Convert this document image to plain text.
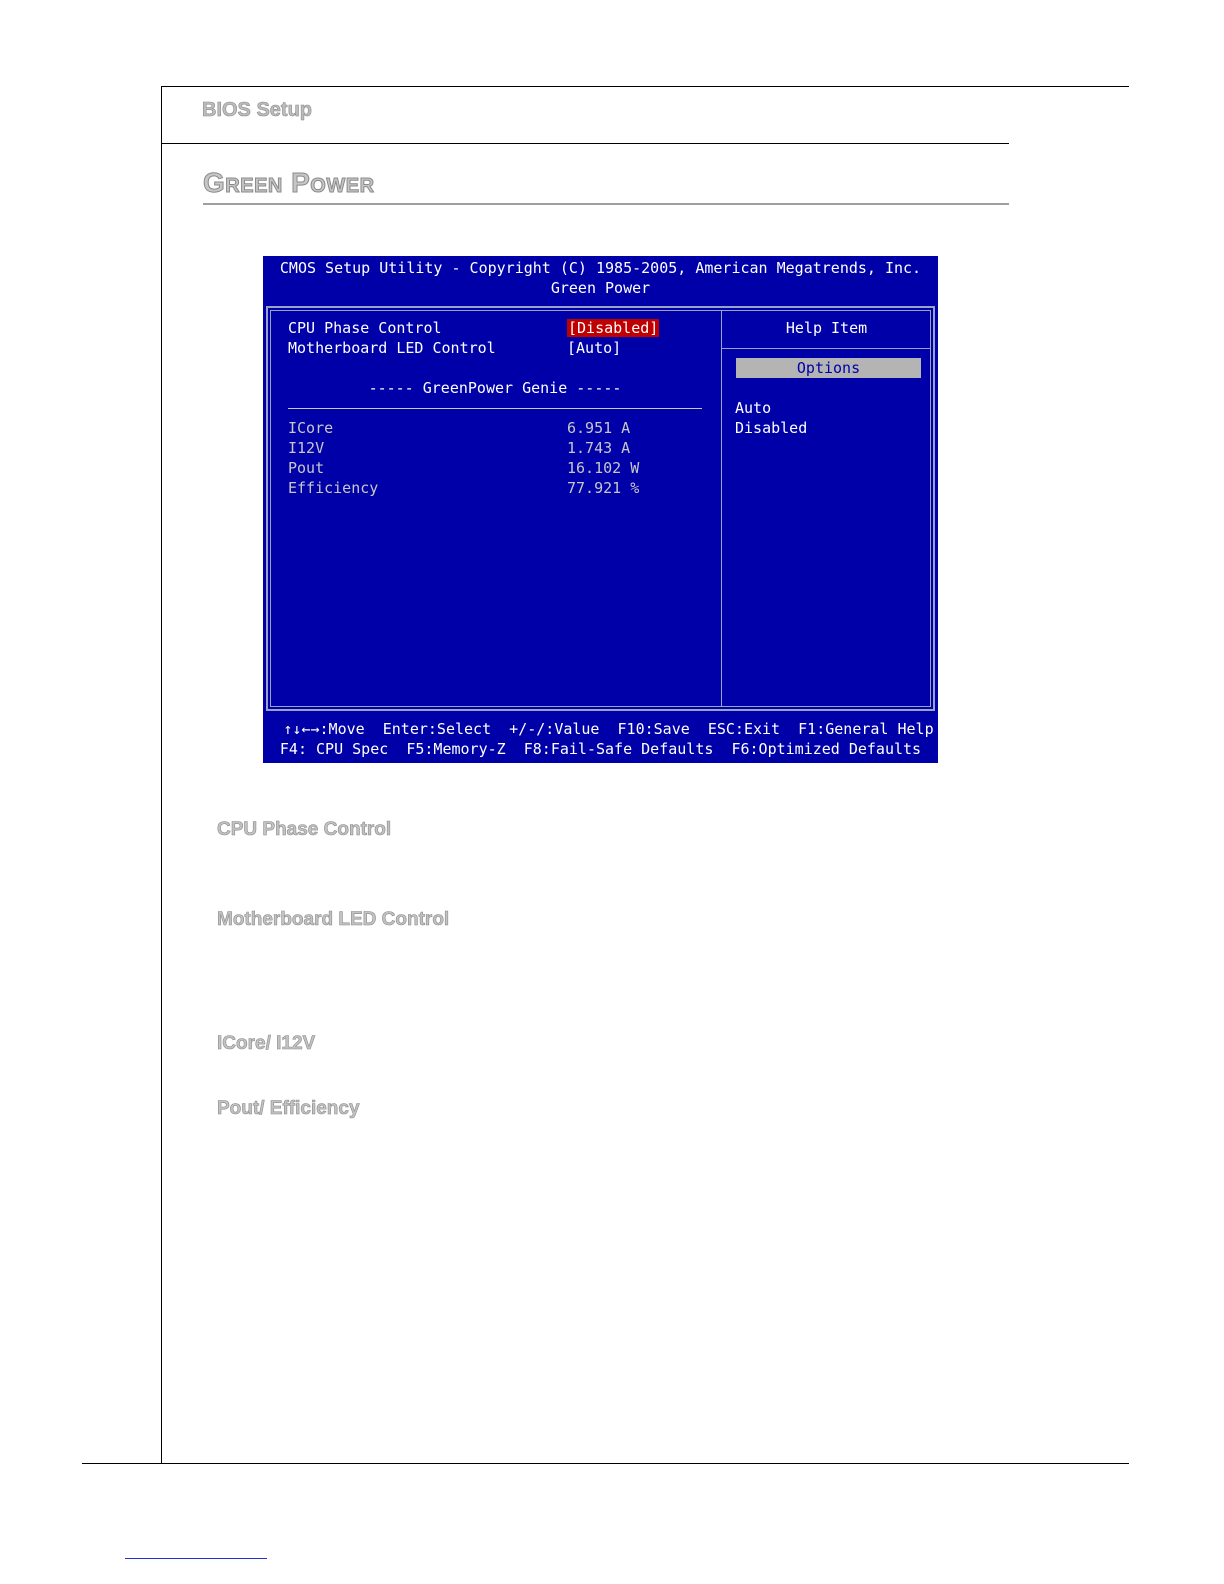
BIOS Setup
Green Power
CMOS Setup Utility - Copyright (C) 1985-2005, American Megatrends, Inc.
Green Power
CPU Phase Control	[Disabled]
Motherboard LED Control	[Auto]
----- GreenPower Genie -----
ICore	6.951 A
I12V	1.743 A
Pout	16.102 W
Efficiency	77.921 %
Help Item
Options
Auto
Disabled
↑↓←→:Move  Enter:Select  +/-/:Value  F10:Save  ESC:Exit  F1:General Help
F4: CPU Spec  F5:Memory-Z  F8:Fail-Safe Defaults  F6:Optimized Defaults
CPU Phase Control
Motherboard LED Control
ICore/ I12V
Pout/ Efficiency
